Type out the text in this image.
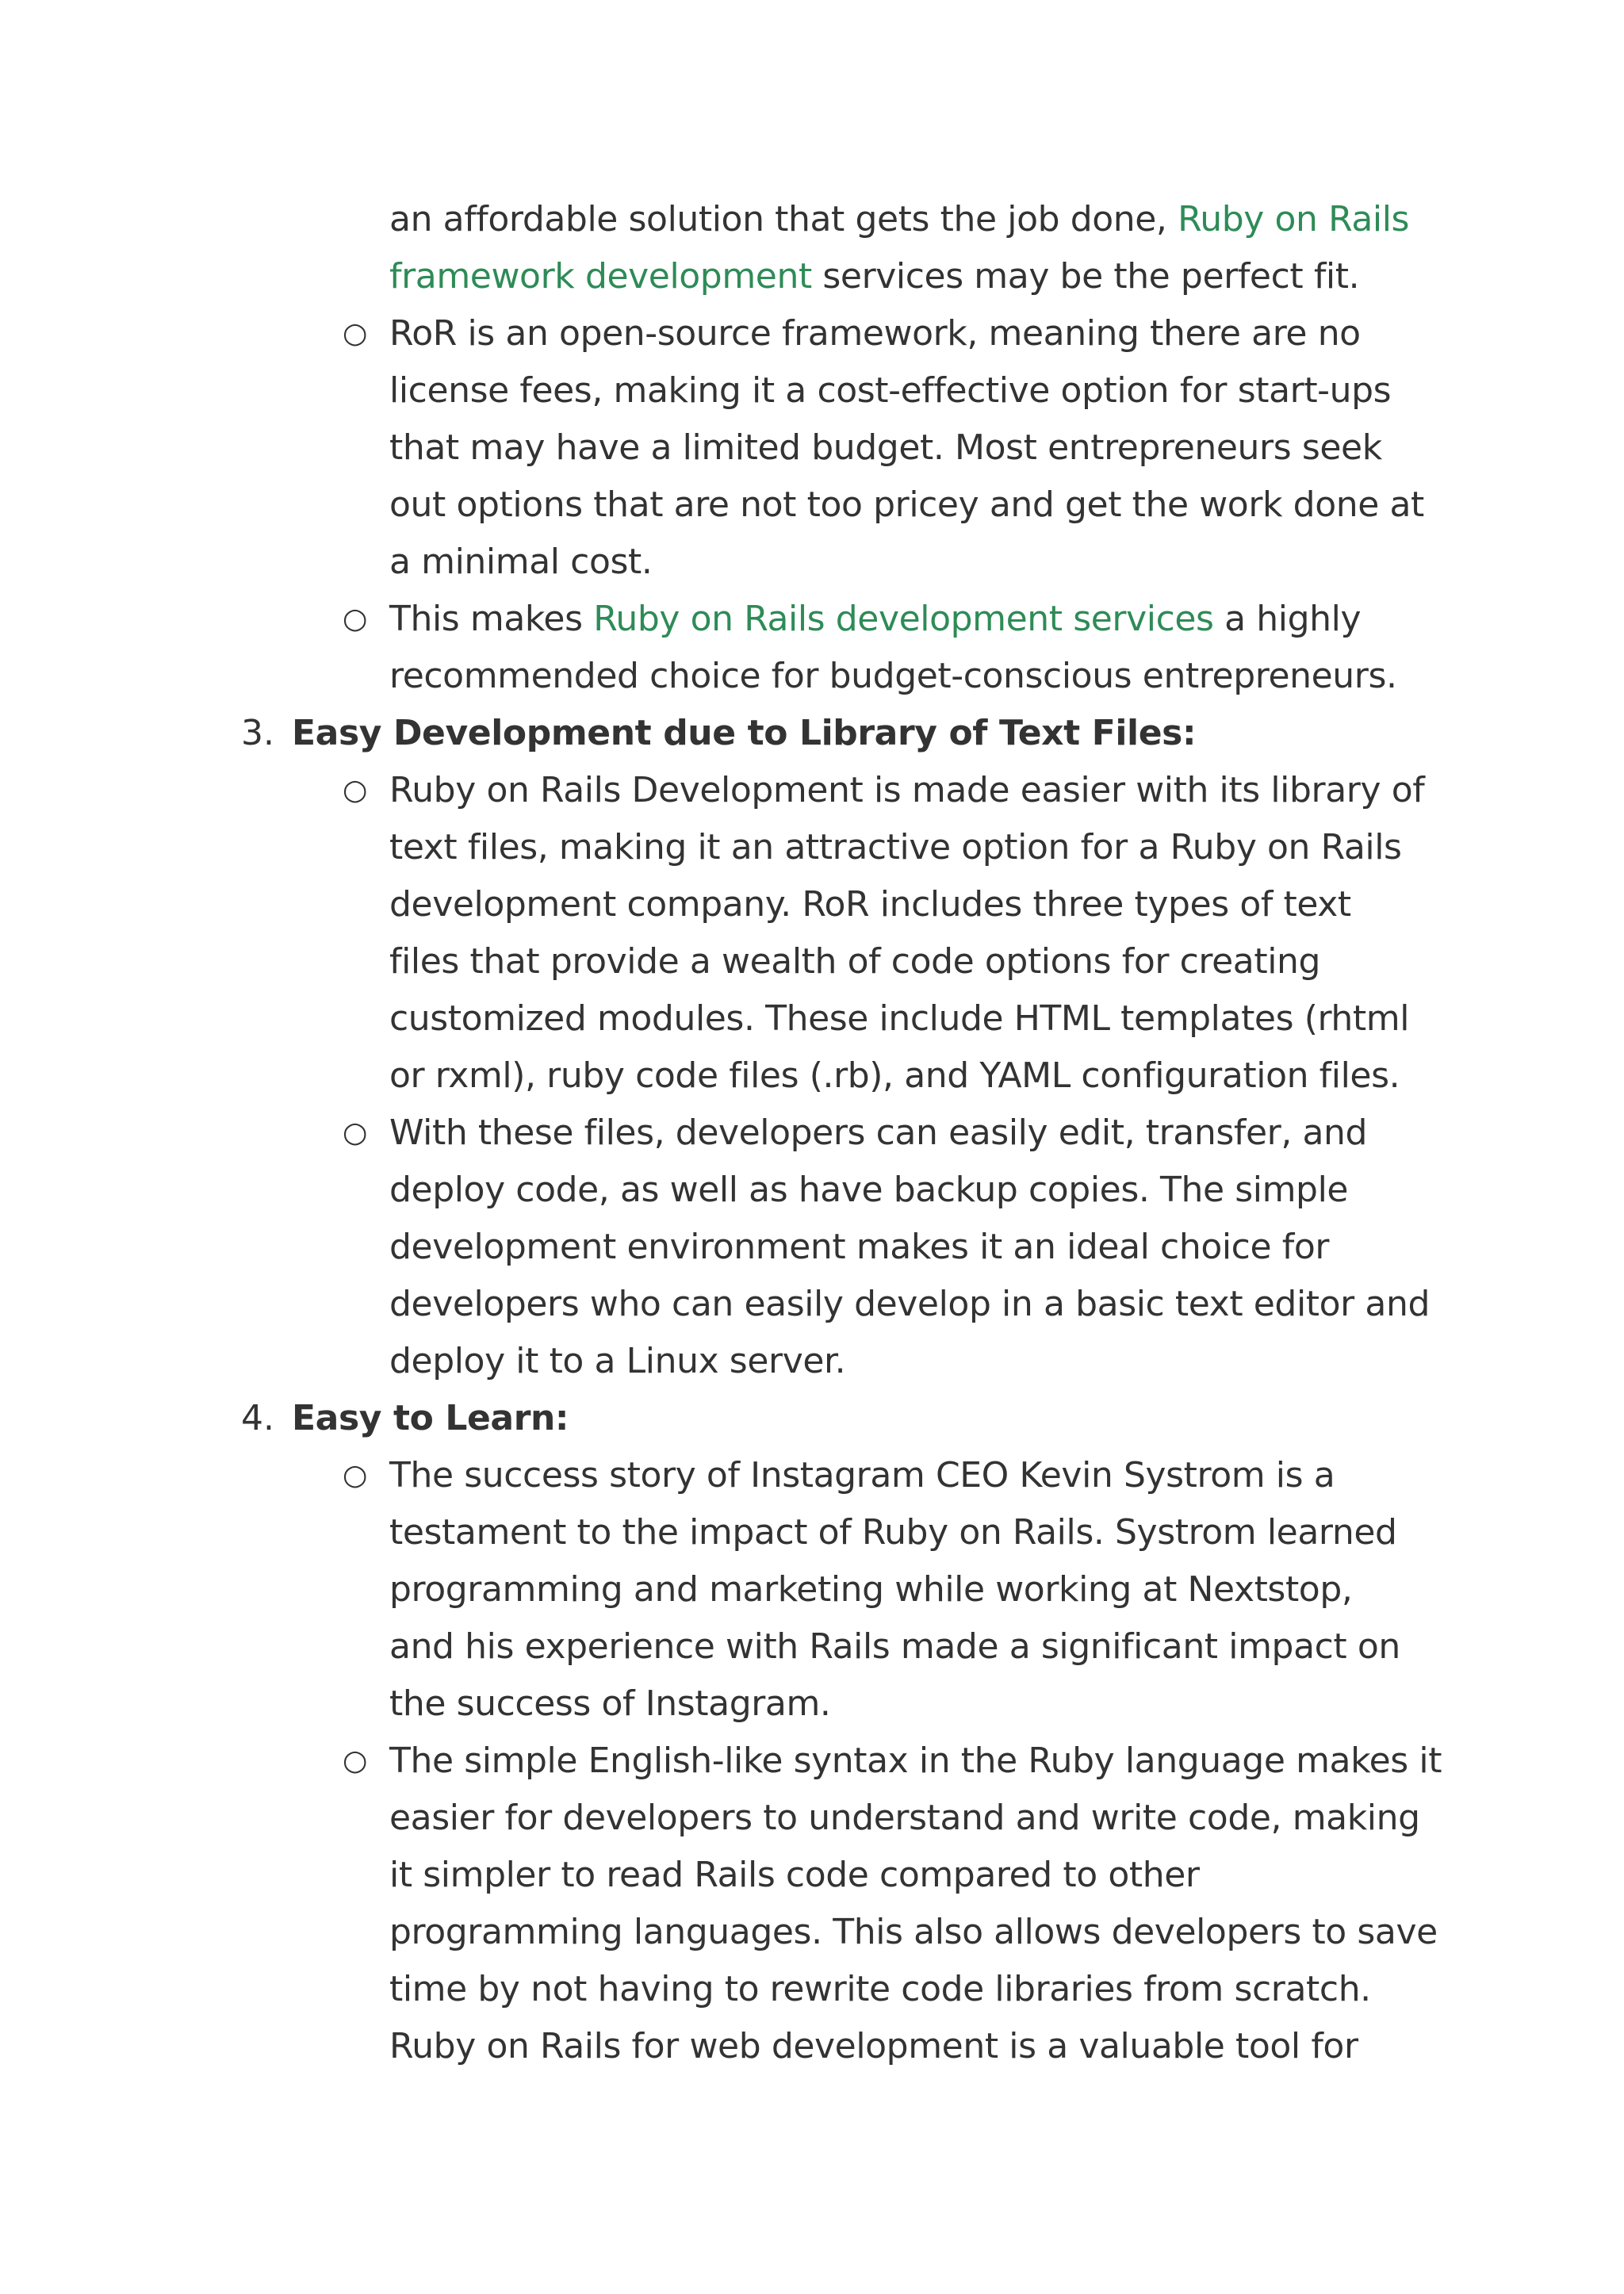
an affordable solution that gets the job done, Ruby on Rails
framework development services may be the perfect fit.
○ RoR is an open-source framework, meaning there are no
license fees, making it a cost-effective option for start-ups
that may have a limited budget. Most entrepreneurs seek
out options that are not too pricey and get the work done at
a minimal cost.
○ This makes Ruby on Rails development services a highly
recommended choice for budget-conscious entrepreneurs.
3. Easy Development due to Library of Text Files:
○ Ruby on Rails Development is made easier with its library of
text files, making it an attractive option for a Ruby on Rails
development company. RoR includes three types of text
files that provide a wealth of code options for creating
customized modules. These include HTML templates (rhtml
or rxml), ruby code files (.rb), and YAML configuration files.
○ With these files, developers can easily edit, transfer, and
deploy code, as well as have backup copies. The simple
development environment makes it an ideal choice for
developers who can easily develop in a basic text editor and
deploy it to a Linux server.
4. Easy to Learn:
○ The success story of Instagram CEO Kevin Systrom is a
testament to the impact of Ruby on Rails. Systrom learned
programming and marketing while working at Nextstop,
and his experience with Rails made a significant impact on
the success of Instagram.
○ The simple English-like syntax in the Ruby language makes it
easier for developers to understand and write code, making
it simpler to read Rails code compared to other
programming languages. This also allows developers to save
time by not having to rewrite code libraries from scratch.
Ruby on Rails for web development is a valuable tool for
